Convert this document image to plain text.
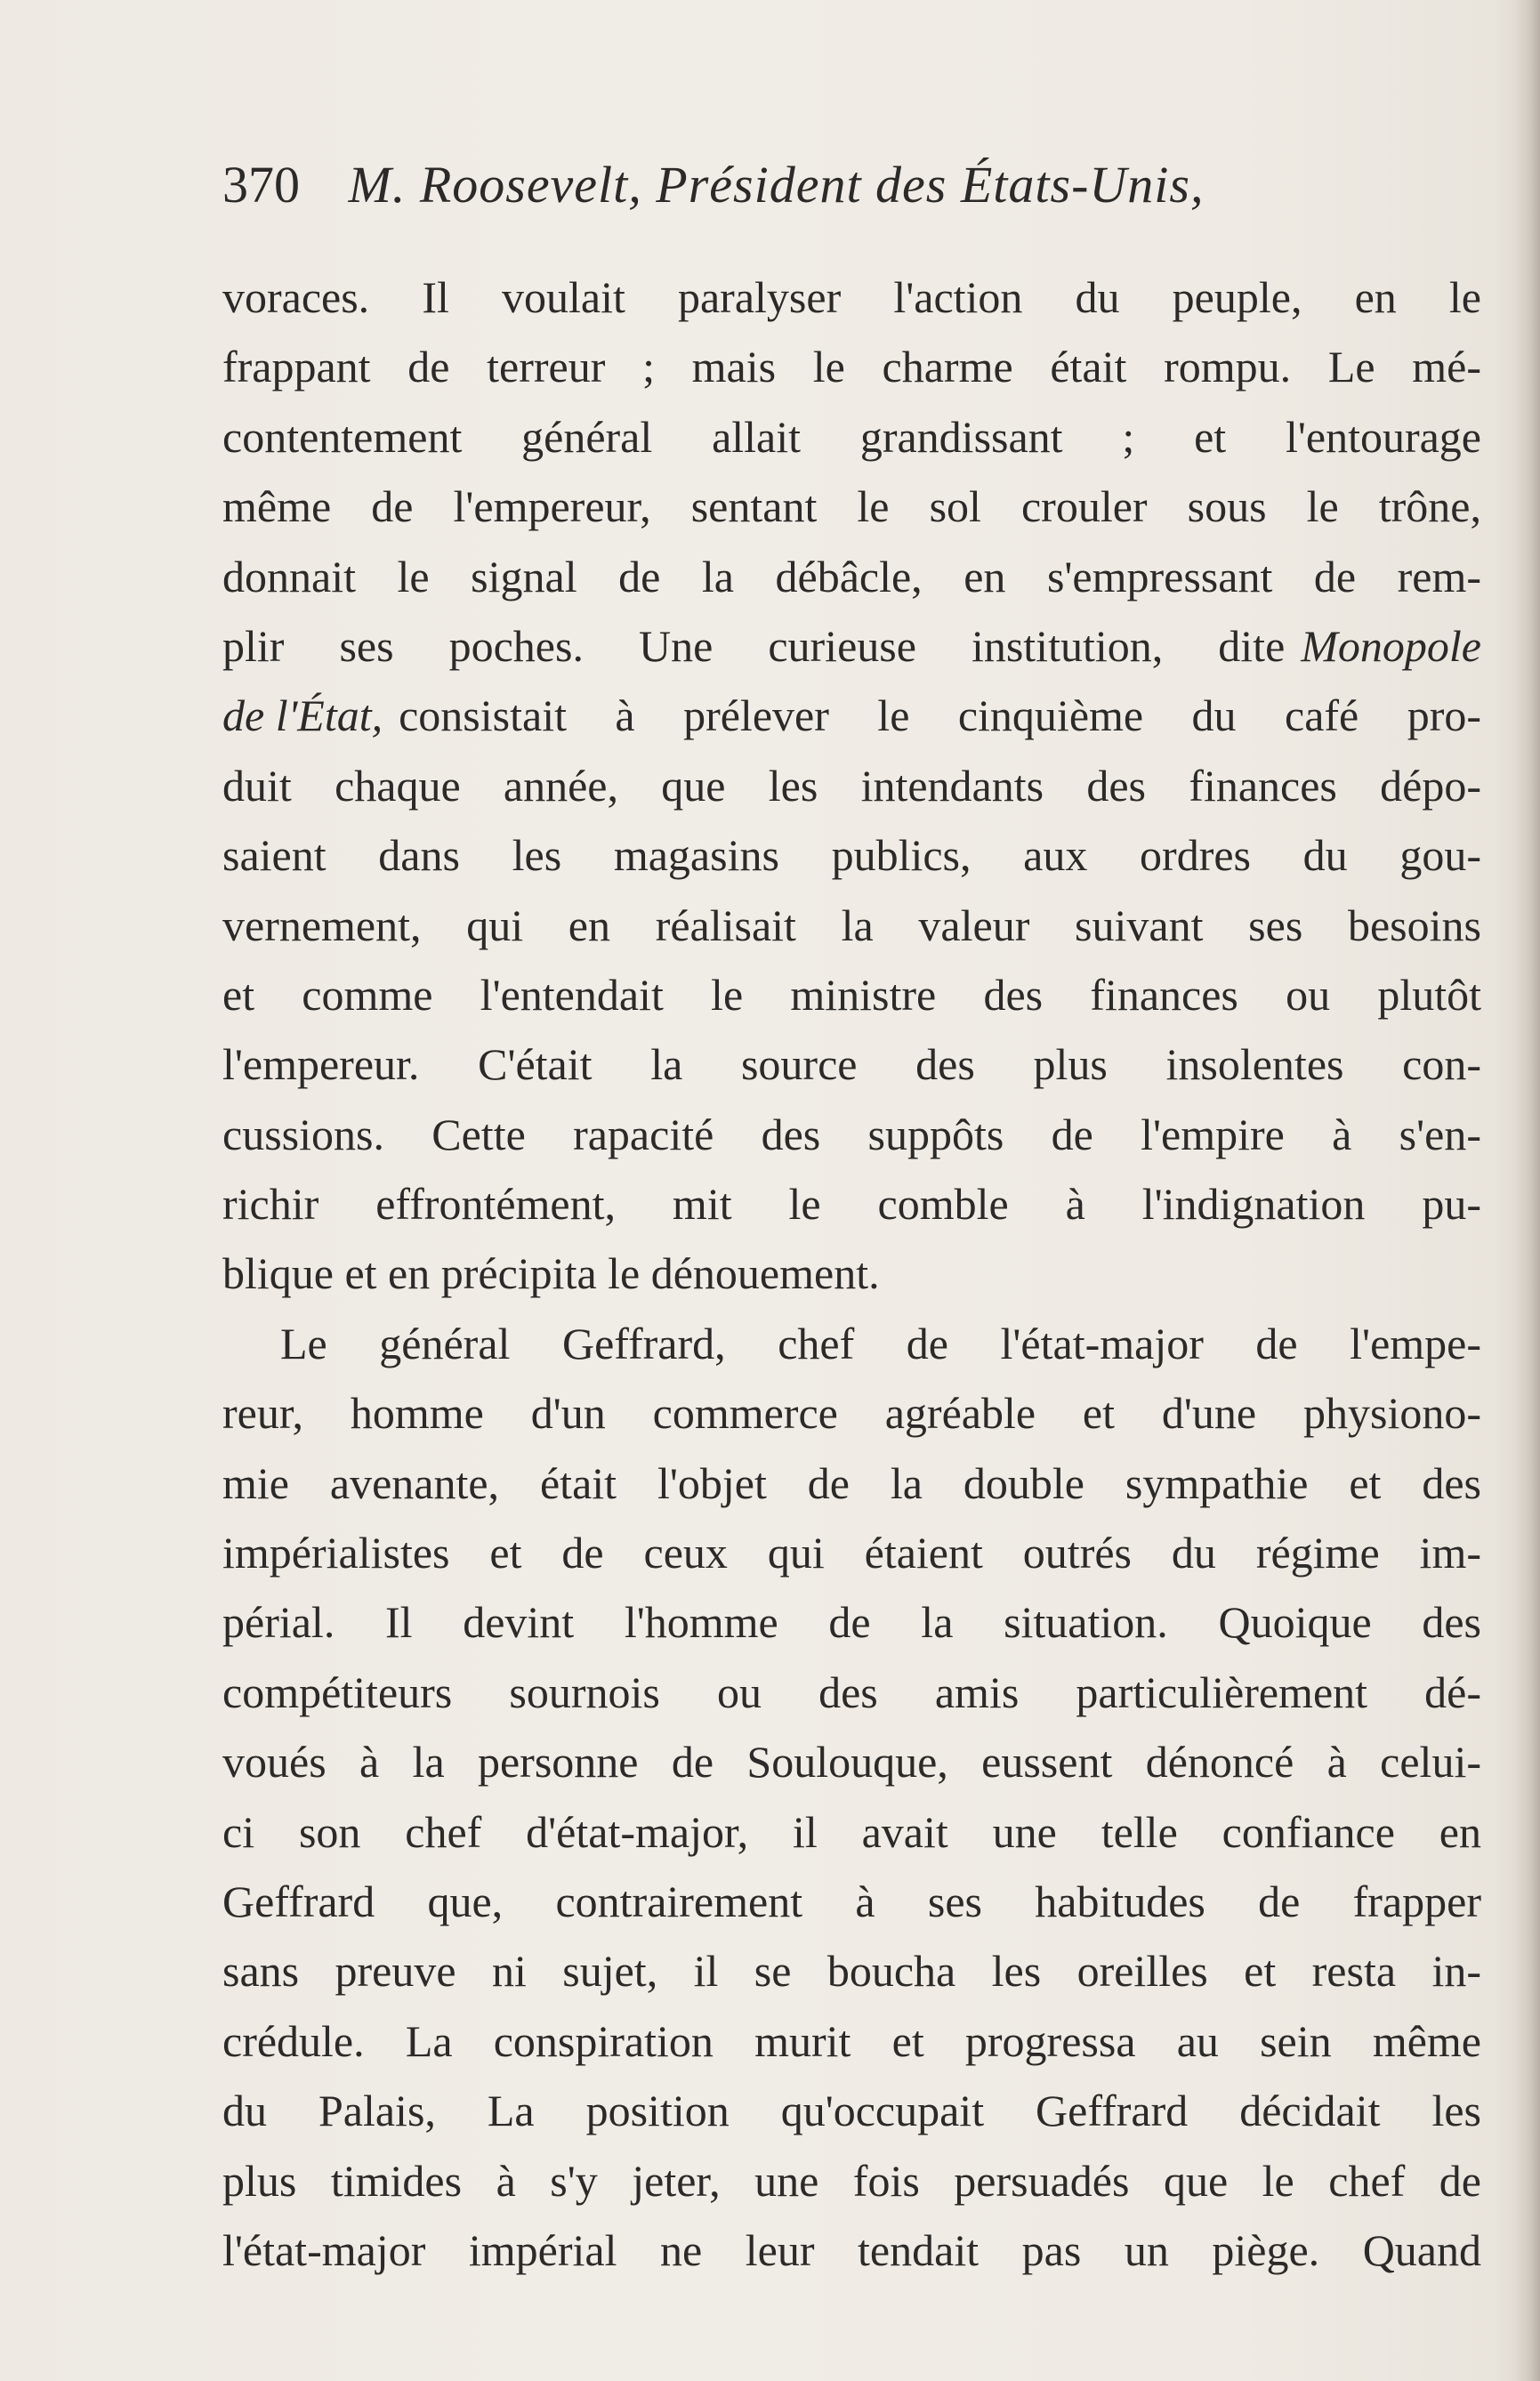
370 M. Roosevelt, Président des États-Unis,
voraces. Il voulait paralyser l'action du peuple, en le
frappant de terreur ; mais le charme était rompu. Le mé-
contentement général allait grandissant ; et l'entourage
même de l'empereur, sentant le sol crouler sous le trône,
donnait le signal de la débâcle, en s'empressant de rem-
plir ses poches. Une curieuse institution, dite Monopole
de l'État, consistait à prélever le cinquième du café pro-
duit chaque année, que les intendants des finances dépo-
saient dans les magasins publics, aux ordres du gou-
vernement, qui en réalisait la valeur suivant ses besoins
et comme l'entendait le ministre des finances ou plutôt
l'empereur. C'était la source des plus insolentes con-
cussions. Cette rapacité des suppôts de l'empire à s'en-
richir effrontément, mit le comble à l'indignation pu-
blique et en précipita le dénouement.
Le général Geffrard, chef de l'état-major de l'empe-
reur, homme d'un commerce agréable et d'une physiono-
mie avenante, était l'objet de la double sympathie et des
impérialistes et de ceux qui étaient outrés du régime im-
périal. Il devint l'homme de la situation. Quoique des
compétiteurs sournois ou des amis particulièrement dé-
voués à la personne de Soulouque, eussent dénoncé à celui-
ci son chef d'état-major, il avait une telle confiance en
Geffrard que, contrairement à ses habitudes de frapper
sans preuve ni sujet, il se boucha les oreilles et resta in-
crédule. La conspiration murit et progressa au sein même
du Palais, La position qu'occupait Geffrard décidait les
plus timides à s'y jeter, une fois persuadés que le chef de
l'état-major impérial ne leur tendait pas un piège. Quand
